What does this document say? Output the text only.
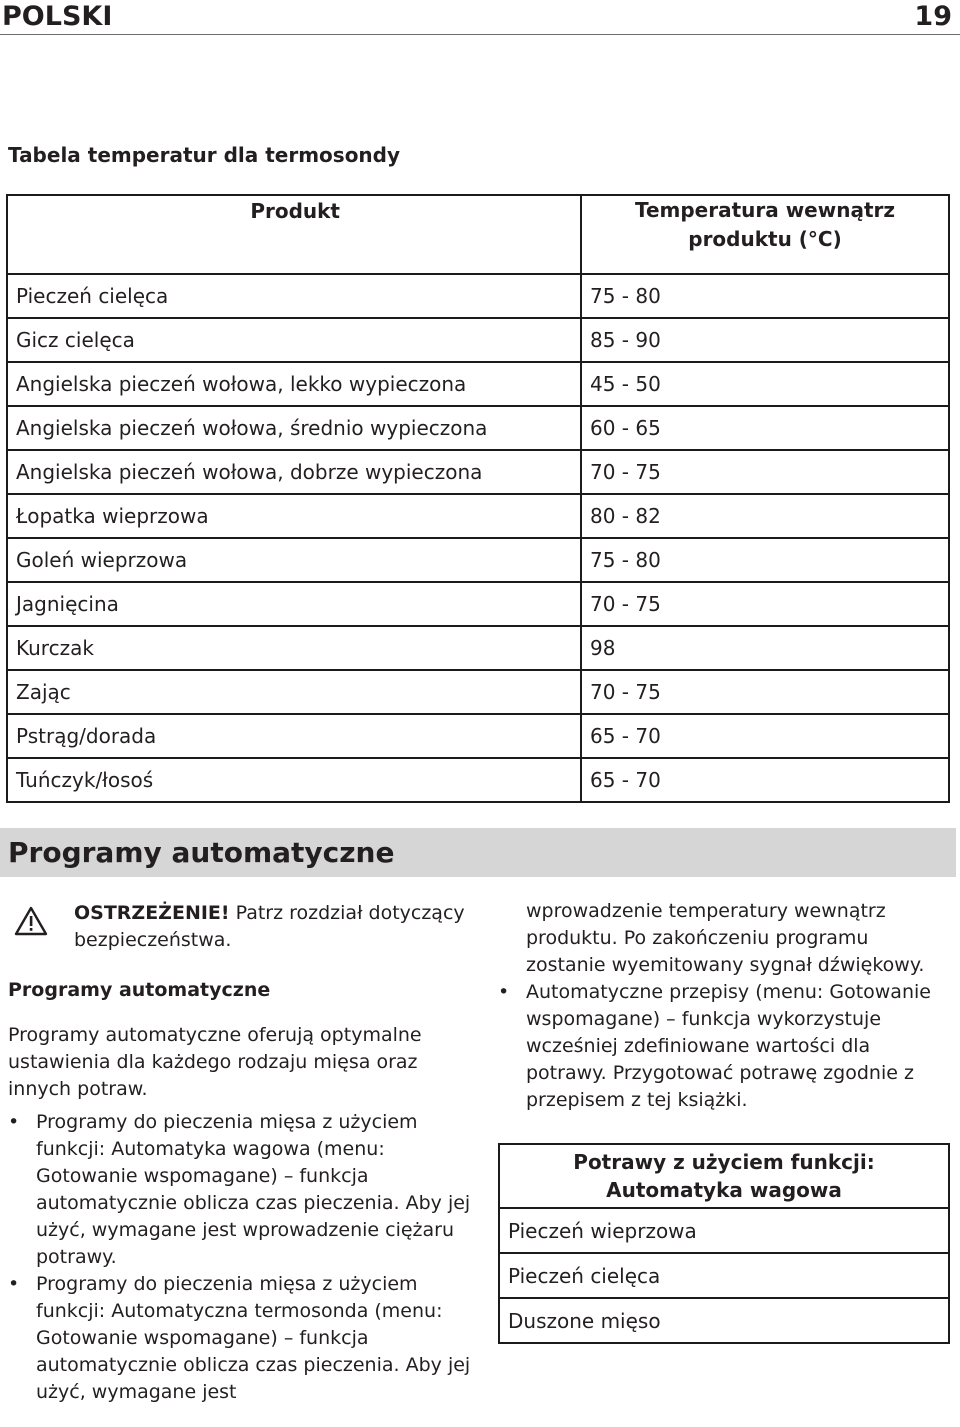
POLSKI	19
Tabela temperatur dla termosondy
Produkt	Temperatura wewnątrz produktu (°C)
Pieczeń cielęca	75 - 80
Gicz cielęca	85 - 90
Angielska pieczeń wołowa, lekko wypieczona	45 - 50
Angielska pieczeń wołowa, średnio wypieczona	60 - 65
Angielska pieczeń wołowa, dobrze wypieczona	70 - 75
Łopatka wieprzowa	80 - 82
Goleń wieprzowa	75 - 80
Jagnięcina	70 - 75
Kurczak	98
Zając	70 - 75
Pstrąg/dorada	65 - 70
Tuńczyk/łosoś	65 - 70
Programy automatyczne
OSTRZEŻENIE! Patrz rozdział dotyczący bezpieczeństwa.
Programy automatyczne
Programy automatyczne oferują optymalne ustawienia dla każdego rodzaju mięsa oraz innych potraw.
• Programy do pieczenia mięsa z użyciem funkcji: Automatyka wagowa (menu: Gotowanie wspomagane) – funkcja automatycznie oblicza czas pieczenia. Aby jej użyć, wymagane jest wprowadzenie ciężaru potrawy.
• Programy do pieczenia mięsa z użyciem funkcji: Automatyczna termosonda (menu: Gotowanie wspomagane) – funkcja automatycznie oblicza czas pieczenia. Aby jej użyć, wymagane jest
wprowadzenie temperatury wewnątrz produktu. Po zakończeniu programu zostanie wyemitowany sygnał dźwiękowy.
• Automatyczne przepisy (menu: Gotowanie wspomagane) – funkcja wykorzystuje wcześniej zdefiniowane wartości dla potrawy. Przygotować potrawę zgodnie z przepisem z tej książki.
Potrawy z użyciem funkcji: Automatyka wagowa
Pieczeń wieprzowa
Pieczeń cielęca
Duszone mięso
